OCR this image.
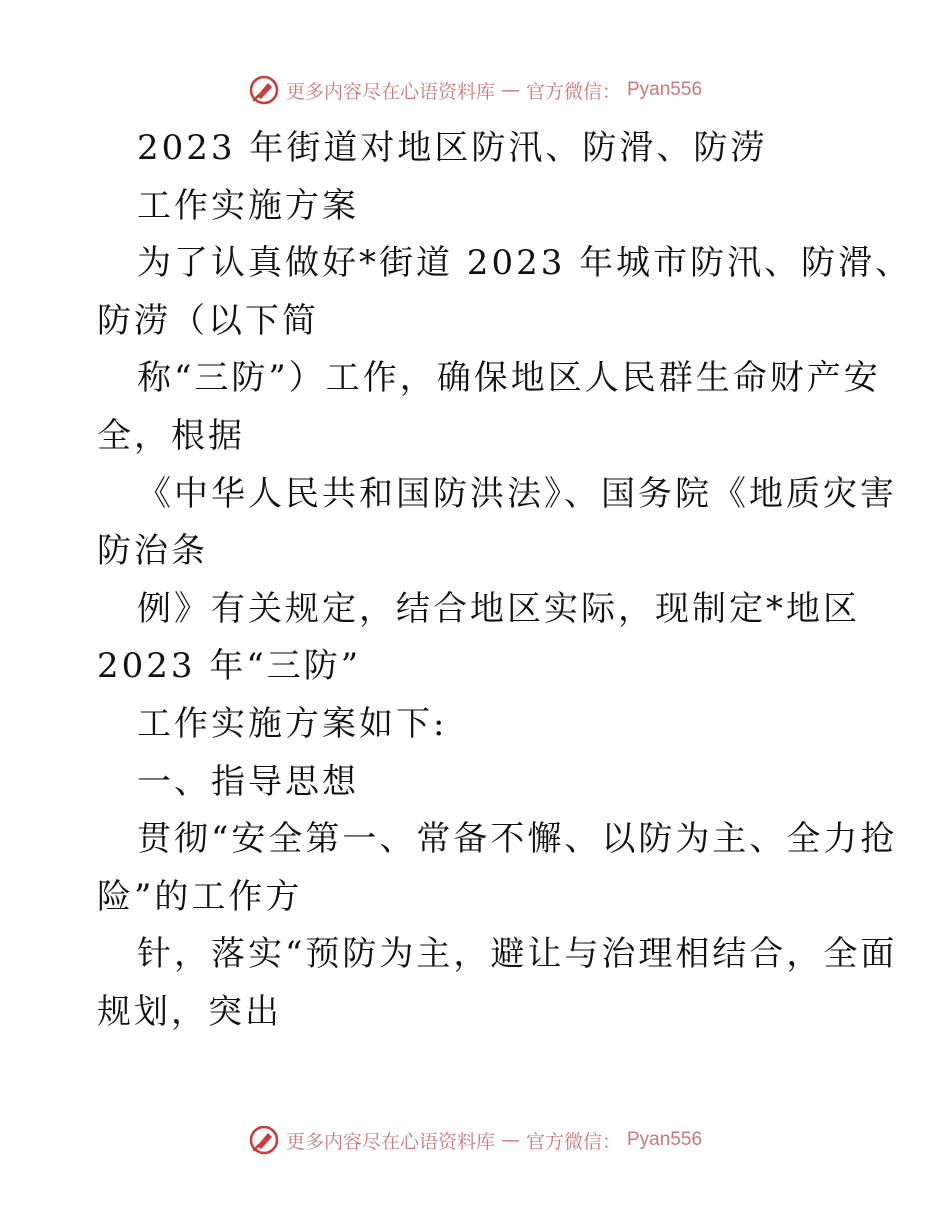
更多内容尽在心语资料库 — 官方微信： Pyan556
2023 年街道对地区防汛、防滑、防涝
工作实施方案
为了认真做好*街道 2023 年城市防汛、防滑、
防涝（以下简
称“三防”）工作，确保地区人民群生命财产安
全，根据
《中华人民共和国防洪法》、国务院《地质灾害
防治条
例》有关规定，结合地区实际，现制定*地区
2023 年“三防”
工作实施方案如下:
一、指导思想
贯彻“安全第一、常备不懈、以防为主、全力抢
险”的工作方
针，落实“预防为主，避让与治理相结合，全面
规划，突出
更多内容尽在心语资料库 — 官方微信： Pyan556
